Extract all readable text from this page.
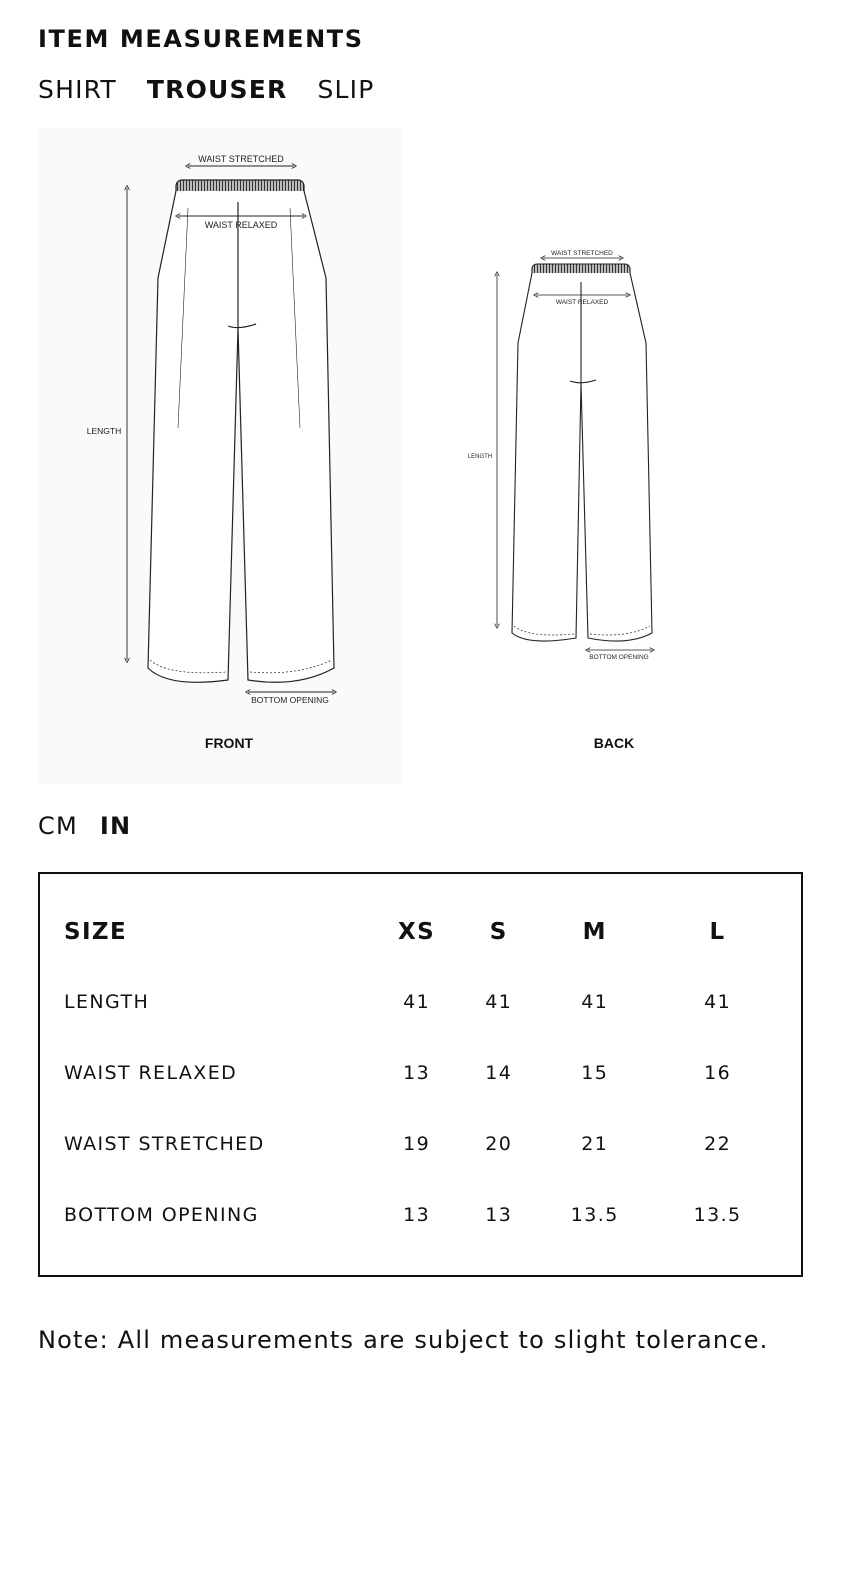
ITEM MEASUREMENTS
SHIRT TROUSER SLIP
WAIST STRETCHED
WAIST RELAXED
LENGTH
BOTTOM OPENING
FRONT
WAIST STRETCHED
WAIST RELAXED
LENGTH
BOTTOM OPENING
BACK
CM IN
SIZE	XS	S	M	L
LENGTH	41	41	41	41
WAIST RELAXED	13	14	15	16
WAIST STRETCHED	19	20	21	22
BOTTOM OPENING	13	13	13.5	13.5

Note: All measurements are subject to slight tolerance.
